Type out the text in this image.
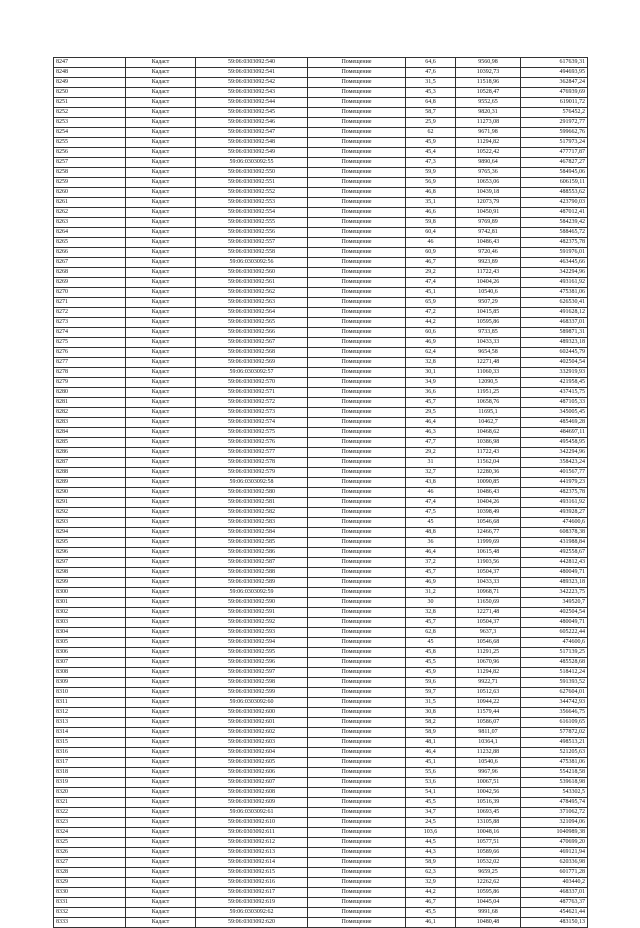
8247	Кадаст	59:06:0303092:540	Помещение	64,6	9560,98	617639,31
8248	Кадаст	59:06:0303092:541	Помещение	47,6	10392,73	494693,95
8249	Кадаст	59:06:0303092:542	Помещение	31,5	11518,96	362847,24
8250	Кадаст	59:06:0303092:543	Помещение	45,3	10528,47	476939,69
8251	Кадаст	59:06:0303092:544	Помещение	64,8	9552,65	619011,72
8252	Кадаст	59:06:0303092:545	Помещение	58,7	9820,31	576452,2
8253	Кадаст	59:06:0303092:546	Помещение	25,9	11273,08	291972,77
8254	Кадаст	59:06:0303092:547	Помещение	62	9671,98	599662,76
8255	Кадаст	59:06:0303092:548	Помещение	45,9	11294,82	517973,24
8256	Кадаст	59:06:0303092:549	Помещение	45,4	10522,42	477717,87
8257	Кадаст	59:06:0303092:55	Помещение	47,3	9890,64	467827,27
8258	Кадаст	59:06:0303092:550	Помещение	59,9	9765,36	584945,06
8259	Кадаст	59:06:0303092:551	Помещение	56,9	10653,06	606159,11
8260	Кадаст	59:06:0303092:552	Помещение	46,8	10439,18	488553,62
8261	Кадаст	59:06:0303092:553	Помещение	35,1	12073,79	423790,03
8262	Кадаст	59:06:0303092:554	Помещение	46,6	10450,91	487012,41
8263	Кадаст	59:06:0303092:555	Помещение	59,8	9769,89	584239,42
8264	Кадаст	59:06:0303092:556	Помещение	60,4	9742,81	588465,72
8265	Кадаст	59:06:0303092:557	Помещение	46	10486,43	482375,78
8266	Кадаст	59:06:0303092:558	Помещение	60,9	9720,46	591976,01
8267	Кадаст	59:06:0303092:56	Помещение	46,7	9923,89	463445,66
8268	Кадаст	59:06:0303092:560	Помещение	29,2	11722,43	342294,96
8269	Кадаст	59:06:0303092:561	Помещение	47,4	10404,26	493161,92
8270	Кадаст	59:06:0303092:562	Помещение	45,1	10540,6	475381,06
8271	Кадаст	59:06:0303092:563	Помещение	65,9	9507,29	626530,41
8272	Кадаст	59:06:0303092:564	Помещение	47,2	10415,85	491628,12
8273	Кадаст	59:06:0303092:565	Помещение	44,2	10595,86	468337,01
8274	Кадаст	59:06:0303092:566	Помещение	60,6	9733,85	589871,31
8275	Кадаст	59:06:0303092:567	Помещение	46,9	10433,33	489323,18
8276	Кадаст	59:06:0303092:568	Помещение	62,4	9654,58	602445,79
8277	Кадаст	59:06:0303092:569	Помещение	32,8	12271,48	402504,54
8278	Кадаст	59:06:0303092:57	Помещение	30,1	11060,33	332919,93
8279	Кадаст	59:06:0303092:570	Помещение	34,9	12090,5	421958,45
8280	Кадаст	59:06:0303092:571	Помещение	36,6	11951,25	437415,75
8281	Кадаст	59:06:0303092:572	Помещение	45,7	10658,76	487105,33
8282	Кадаст	59:06:0303092:573	Помещение	29,5	11695,1	345005,45
8283	Кадаст	59:06:0303092:574	Помещение	46,4	10462,7	485469,28
8284	Кадаст	59:06:0303092:575	Помещение	46,3	10468,62	484697,11
8285	Кадаст	59:06:0303092:576	Помещение	47,7	10386,98	495458,95
8286	Кадаст	59:06:0303092:577	Помещение	29,2	11722,43	342294,96
8287	Кадаст	59:06:0303092:578	Помещение	31	11562,04	358423,24
8288	Кадаст	59:06:0303092:579	Помещение	32,7	12280,36	401567,77
8289	Кадаст	59:06:0303092:58	Помещение	43,8	10090,85	441979,23
8290	Кадаст	59:06:0303092:580	Помещение	46	10486,43	482375,78
8291	Кадаст	59:06:0303092:581	Помещение	47,4	10404,26	493161,92
8292	Кадаст	59:06:0303092:582	Помещение	47,5	10398,49	493928,27
8293	Кадаст	59:06:0303092:583	Помещение	45	10546,68	474600,6
8294	Кадаст	59:06:0303092:584	Помещение	48,8	12466,77	608378,38
8295	Кадаст	59:06:0303092:585	Помещение	36	11999,69	431988,84
8296	Кадаст	59:06:0303092:586	Помещение	46,4	10615,48	492558,67
8297	Кадаст	59:06:0303092:587	Помещение	37,2	11903,56	442812,43
8298	Кадаст	59:06:0303092:588	Помещение	45,7	10504,37	480049,71
8299	Кадаст	59:06:0303092:589	Помещение	46,9	10433,33	489323,18
8300	Кадаст	59:06:0303092:59	Помещение	31,2	10968,71	342223,75
8301	Кадаст	59:06:0303092:590	Помещение	30	11650,69	349520,7
8302	Кадаст	59:06:0303092:591	Помещение	32,8	12271,48	402504,54
8303	Кадаст	59:06:0303092:592	Помещение	45,7	10504,37	480049,71
8304	Кадаст	59:06:0303092:593	Помещение	62,8	9637,3	605222,44
8305	Кадаст	59:06:0303092:594	Помещение	45	10546,68	474600,6
8306	Кадаст	59:06:0303092:595	Помещение	45,8	11291,25	517139,25
8307	Кадаст	59:06:0303092:596	Помещение	45,5	10670,96	485528,68
8308	Кадаст	59:06:0303092:597	Помещение	45,9	11294,82	518412,24
8309	Кадаст	59:06:0303092:598	Помещение	59,6	9922,71	591393,52
8310	Кадаст	59:06:0303092:599	Помещение	59,7	10512,63	627604,01
8311	Кадаст	59:06:0303092:60	Помещение	31,5	10944,22	344742,93
8312	Кадаст	59:06:0303092:600	Помещение	30,8	11579,44	356646,75
8313	Кадаст	59:06:0303092:601	Помещение	58,2	10586,07	616109,65
8314	Кадаст	59:06:0303092:602	Помещение	58,9	9811,07	577872,02
8315	Кадаст	59:06:0303092:603	Помещение	48,1	10364,1	498513,21
8316	Кадаст	59:06:0303092:604	Помещение	46,4	11232,88	521205,63
8317	Кадаст	59:06:0303092:605	Помещение	45,1	10540,6	475381,06
8318	Кадаст	59:06:0303092:606	Помещение	55,6	9967,96	554218,58
8319	Кадаст	59:06:0303092:607	Помещение	53,6	10067,51	539618,98
8320	Кадаст	59:06:0303092:608	Помещение	54,1	10042,56	543302,5
8321	Кадаст	59:06:0303092:609	Помещение	45,5	10516,39	478495,74
8322	Кадаст	59:06:0303092:61	Помещение	34,7	10693,45	371062,72
8323	Кадаст	59:06:0303092:610	Помещение	24,5	13105,88	321094,06
8324	Кадаст	59:06:0303092:611	Помещение	103,6	10048,16	1040989,38
8325	Кадаст	59:06:0303092:612	Помещение	44,5	10577,51	470699,20
8326	Кадаст	59:06:0303092:613	Помещение	44,3	10589,66	469121,94
8327	Кадаст	59:06:0303092:614	Помещение	58,9	10532,02	620336,98
8328	Кадаст	59:06:0303092:615	Помещение	62,3	9659,25	601771,28
8329	Кадаст	59:06:0303092:616	Помещение	32,9	12262,62	403440,2
8330	Кадаст	59:06:0303092:617	Помещение	44,2	10595,86	468337,01
8331	Кадаст	59:06:0303092:619	Помещение	46,7	10445,04	487763,37
8332	Кадаст	59:06:0303092:62	Помещение	45,5	9991,68	454621,44
8333	Кадаст	59:06:0303092:620	Помещение	46,1	10480,48	483150,13
